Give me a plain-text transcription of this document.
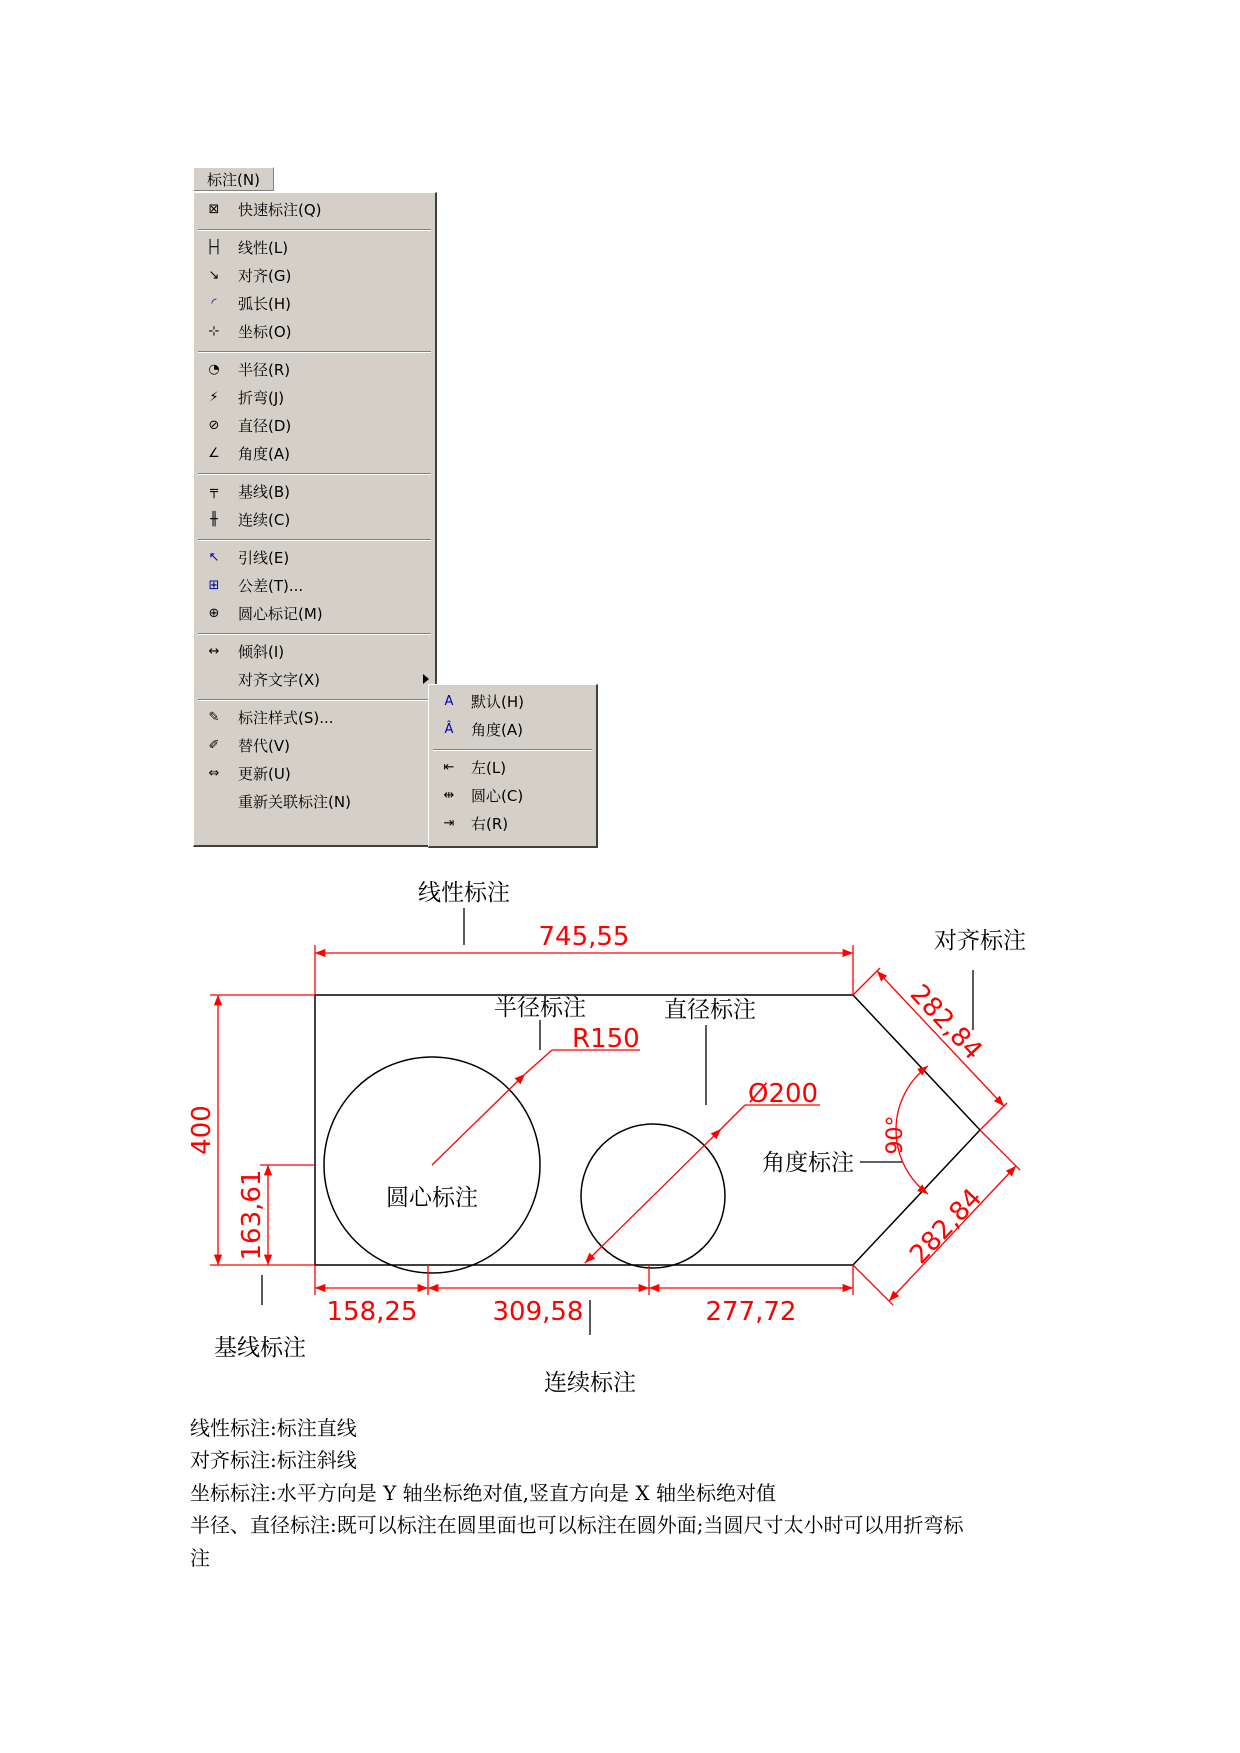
标注(N)
⊠	快速标注(Q)
├┤ 线性(L)
↘	对齐(G)
◜	弧长(H)
⊹	坐标(O)
◔	半径(R)
⚡	折弯(J)
⊘	直径(D)
∠	角度(A)
╤	基线(B)
╫	连续(C)
↖	引线(E)
⊞	公差(T)...
⊕	圆心标记(M)
↔	倾斜(I)
对齐文字(X)
✎	标注样式(S)...
✐	替代(V)
⇔	更新(U)
重新关联标注(N)
A	默认(H)
Â	角度(A)
⇤	左(L)
⇹	圆心(C)
⇥	右(R)
745,55
400
163,61
282,84
282,84
R150
Ø200
90°
158,25	309,58	277,72
线性标注
对齐标注
半径标注	直径标注
圆心标注
角度标注
基线标注
连续标注
线性标注:标注直线
对齐标注:标注斜线
坐标标注:水平方向是 Y 轴坐标绝对值,竖直方向是 X 轴坐标绝对值
半径、直径标注:既可以标注在圆里面也可以标注在圆外面;当圆尺寸太小时可以用折弯标
注
